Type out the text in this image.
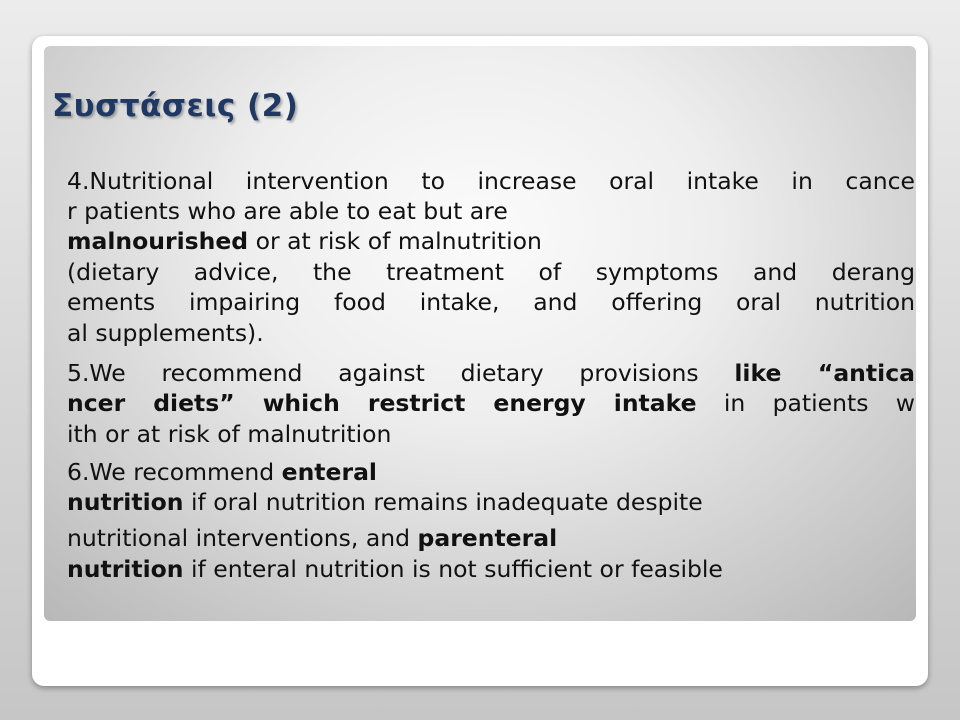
Συστάσεις (2)

4.Nutritional intervention to increase oral intake in cance

r patients who are able to eat but are

malnourished or at risk of malnutrition

(dietary advice, the treatment of symptoms and derang

ements impairing food intake, and offering oral nutrition

al supplements).

5.We recommend against dietary provisions like “antica

ncer diets” which restrict energy intake in patients w

ith or at risk of malnutrition

6.We recommend enteral

nutrition if oral nutrition remains inadequate despite

nutritional interventions, and parenteral

nutrition if enteral nutrition is not sufficient or feasible
